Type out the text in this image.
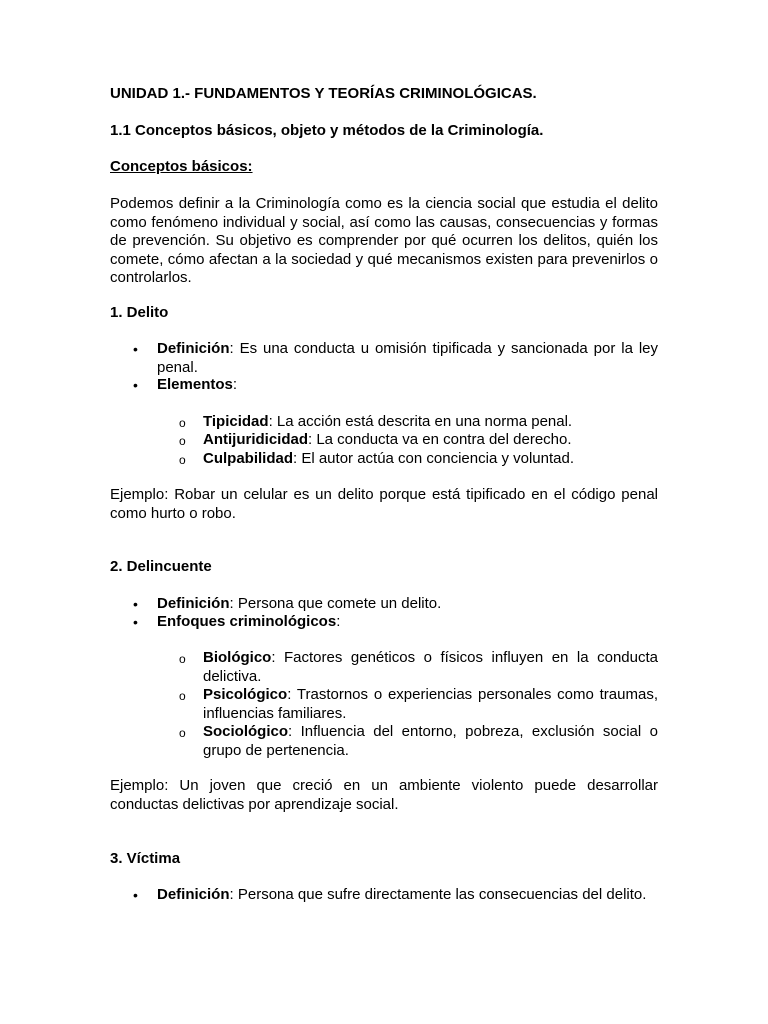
UNIDAD 1.- FUNDAMENTOS Y TEORÍAS CRIMINOLÓGICAS.
1.1 Conceptos básicos, objeto y métodos de la Criminología.
Conceptos básicos:

Podemos definir a la Criminología como es la ciencia social que estudia el delito como fenómeno individual y social, así como las causas, consecuencias y formas de prevención. Su objetivo es comprender por qué ocurren los delitos, quién los comete, cómo afectan a la sociedad y qué mecanismos existen para prevenirlos o controlarlos.

1. Delito
• Definición: Es una conducta u omisión tipificada y sancionada por la ley penal.
• Elementos:
o Tipicidad: La acción está descrita en una norma penal.
o Antijuridicidad: La conducta va en contra del derecho.
o Culpabilidad: El autor actúa con conciencia y voluntad.

Ejemplo: Robar un celular es un delito porque está tipificado en el código penal como hurto o robo.

2. Delincuente
• Definición: Persona que comete un delito.
• Enfoques criminológicos:
o Biológico: Factores genéticos o físicos influyen en la conducta delictiva.
o Psicológico: Trastornos o experiencias personales como traumas, influencias familiares.
o Sociológico: Influencia del entorno, pobreza, exclusión social o grupo de pertenencia.

Ejemplo: Un joven que creció en un ambiente violento puede desarrollar conductas delictivas por aprendizaje social.

3. Víctima
• Definición: Persona que sufre directamente las consecuencias del delito.
